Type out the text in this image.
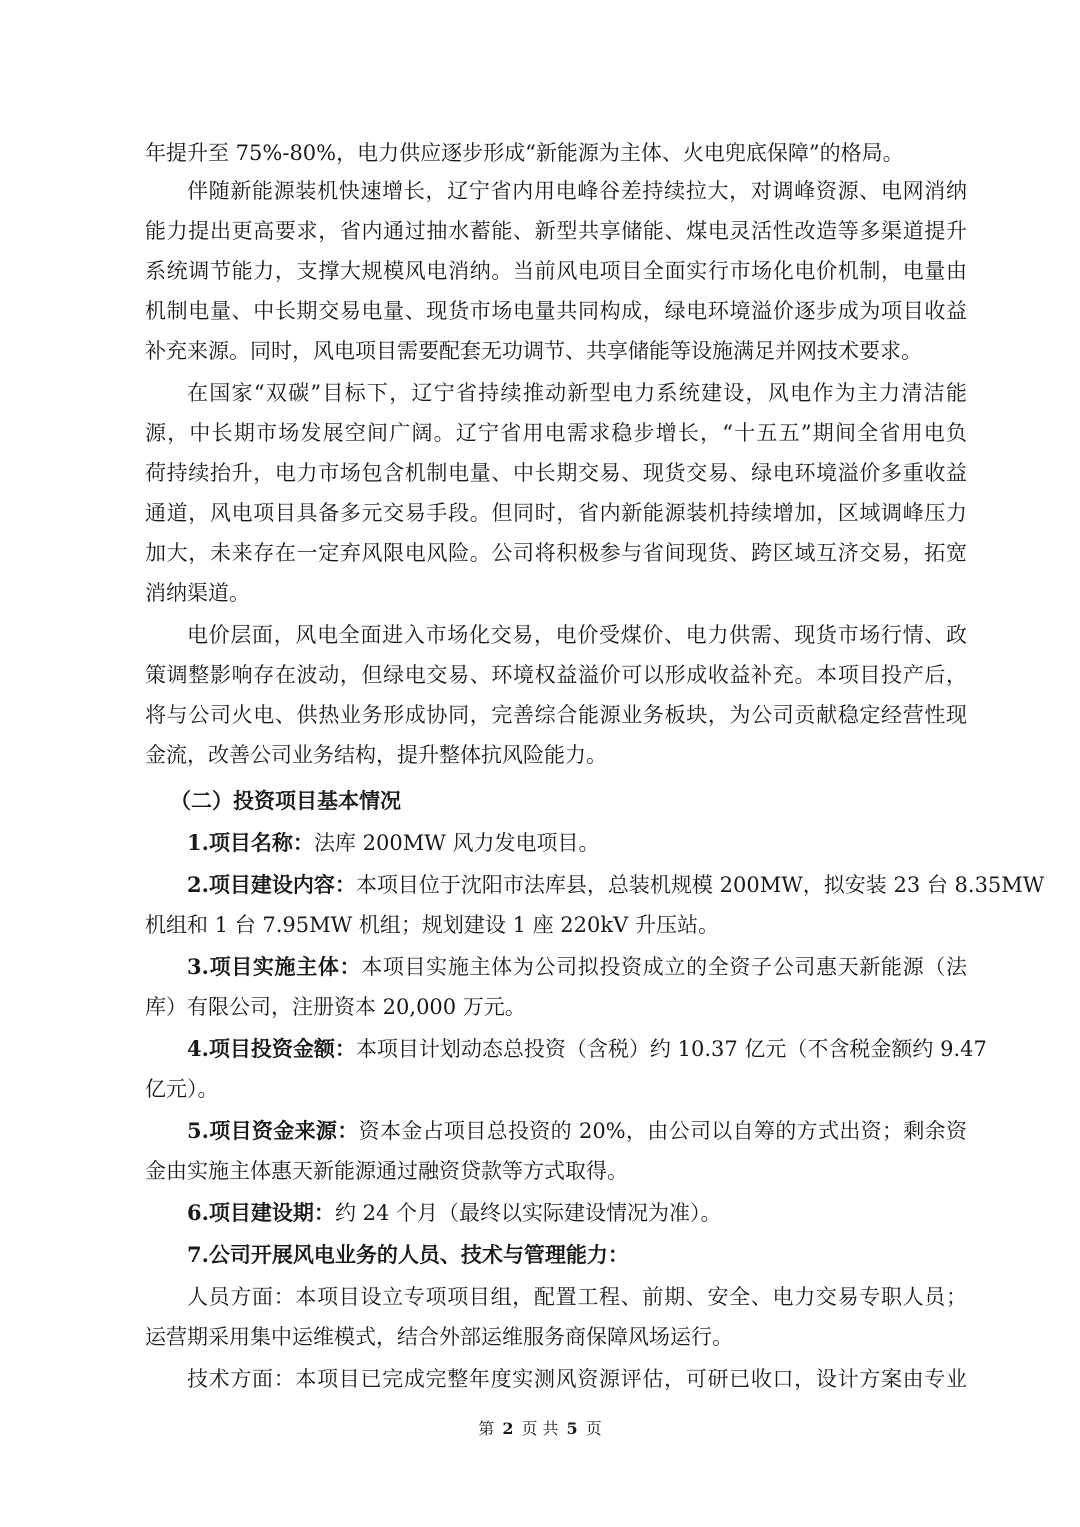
年提升至 75%-80%，电力供应逐步形成“新能源为主体、火电兜底保障”的格局。
伴随新能源装机快速增长，辽宁省内用电峰谷差持续拉大，对调峰资源、电网消纳
能力提出更高要求，省内通过抽水蓄能、新型共享储能、煤电灵活性改造等多渠道提升
系统调节能力，支撑大规模风电消纳。当前风电项目全面实行市场化电价机制，电量由
机制电量、中长期交易电量、现货市场电量共同构成，绿电环境溢价逐步成为项目收益
补充来源。同时，风电项目需要配套无功调节、共享储能等设施满足并网技术要求。
在国家“双碳”目标下，辽宁省持续推动新型电力系统建设，风电作为主力清洁能
源，中长期市场发展空间广阔。辽宁省用电需求稳步增长，“十五五”期间全省用电负
荷持续抬升，电力市场包含机制电量、中长期交易、现货交易、绿电环境溢价多重收益
通道，风电项目具备多元交易手段。但同时，省内新能源装机持续增加，区域调峰压力
加大，未来存在一定弃风限电风险。公司将积极参与省间现货、跨区域互济交易，拓宽
消纳渠道。
电价层面，风电全面进入市场化交易，电价受煤价、电力供需、现货市场行情、政
策调整影响存在波动，但绿电交易、环境权益溢价可以形成收益补充。本项目投产后，
将与公司火电、供热业务形成协同，完善综合能源业务板块，为公司贡献稳定经营性现
金流，改善公司业务结构，提升整体抗风险能力。
（二）投资项目基本情况
1.项目名称：法库 200MW 风力发电项目。
2.项目建设内容：本项目位于沈阳市法库县，总装机规模 200MW，拟安装 23 台 8.35MW
机组和 1 台 7.95MW 机组；规划建设 1 座 220kV 升压站。
3.项目实施主体：本项目实施主体为公司拟投资成立的全资子公司惠天新能源（法
库）有限公司，注册资本 20,000 万元。
4.项目投资金额：本项目计划动态总投资（含税）约 10.37 亿元（不含税金额约 9.47
亿元）。
5.项目资金来源：资本金占项目总投资的 20%，由公司以自筹的方式出资；剩余资
金由实施主体惠天新能源通过融资贷款等方式取得。
6.项目建设期：约 24 个月（最终以实际建设情况为准）。
7.公司开展风电业务的人员、技术与管理能力：
人员方面：本项目设立专项项目组，配置工程、前期、安全、电力交易专职人员；
运营期采用集中运维模式，结合外部运维服务商保障风场运行。
技术方面：本项目已完成完整年度实测风资源评估，可研已收口，设计方案由专业
第 2 页 共 5 页
